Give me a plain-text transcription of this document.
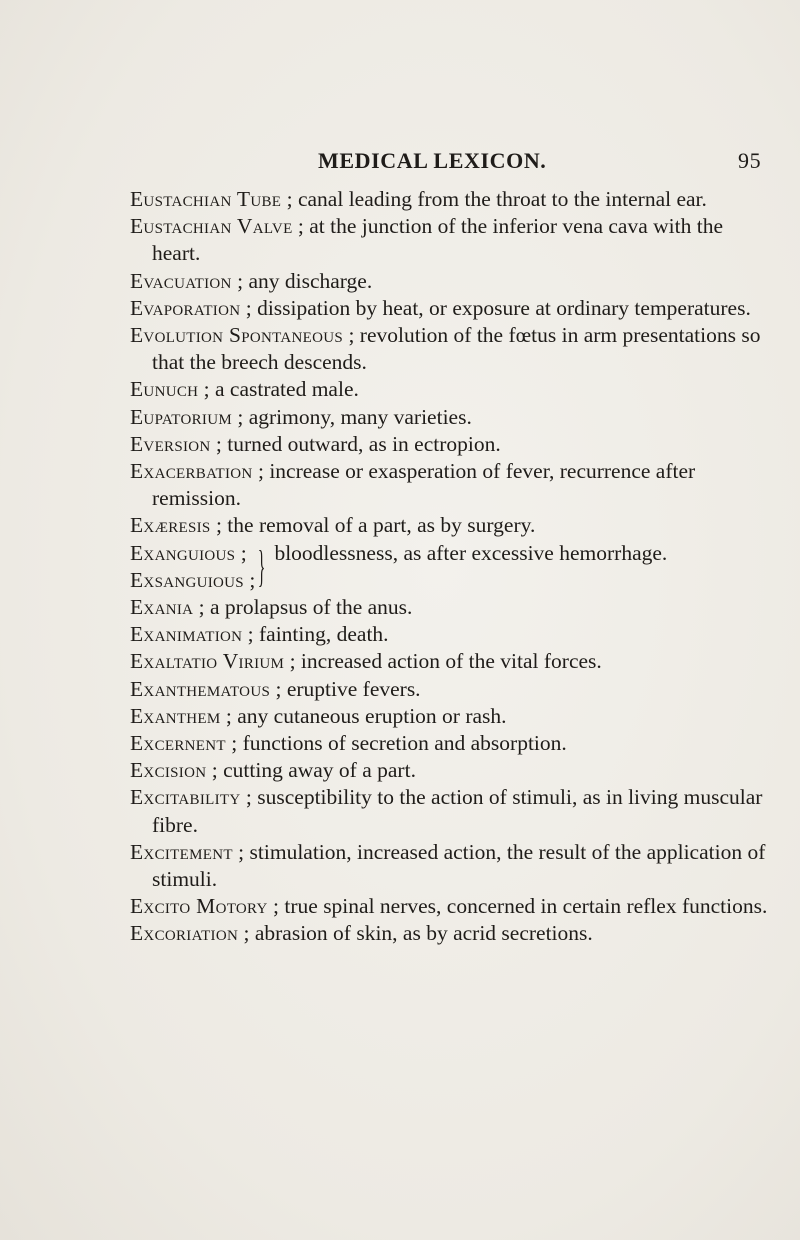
MEDICAL LEXICON.	95

Eustachian Tube ; canal leading from the throat to the internal ear.

Eustachian Valve ; at the junction of the inferior vena cava with the heart.

Evacuation ; any discharge.

Evaporation ; dissipation by heat, or exposure at ordinary temperatures.

Evolution Spontaneous ; revolution of the fœtus in arm presentations so that the breech descends.

Eunuch ; a castrated male.

Eupatorium ; agrimony, many varieties.

Eversion ; turned outward, as in ectropion.

Exacerbation ; increase or exasperation of fever, recurrence after remission.

Exæresis ; the removal of a part, as by surgery.

Exanguious ;
Exsanguious ; } bloodlessness, as after excessive hemorrhage.

Exania ; a prolapsus of the anus.

Exanimation ; fainting, death.

Exaltatio Virium ; increased action of the vital forces.

Exanthematous ; eruptive fevers.

Exanthem ; any cutaneous eruption or rash.

Excernent ; functions of secretion and absorption.

Excision ; cutting away of a part.

Excitability ; susceptibility to the action of stimuli, as in living muscular fibre.

Excitement ; stimulation, increased action, the result of the application of stimuli.

Excito Motory ; true spinal nerves, concerned in certain reflex functions.

Excoriation ; abrasion of skin, as by acrid secretions.
